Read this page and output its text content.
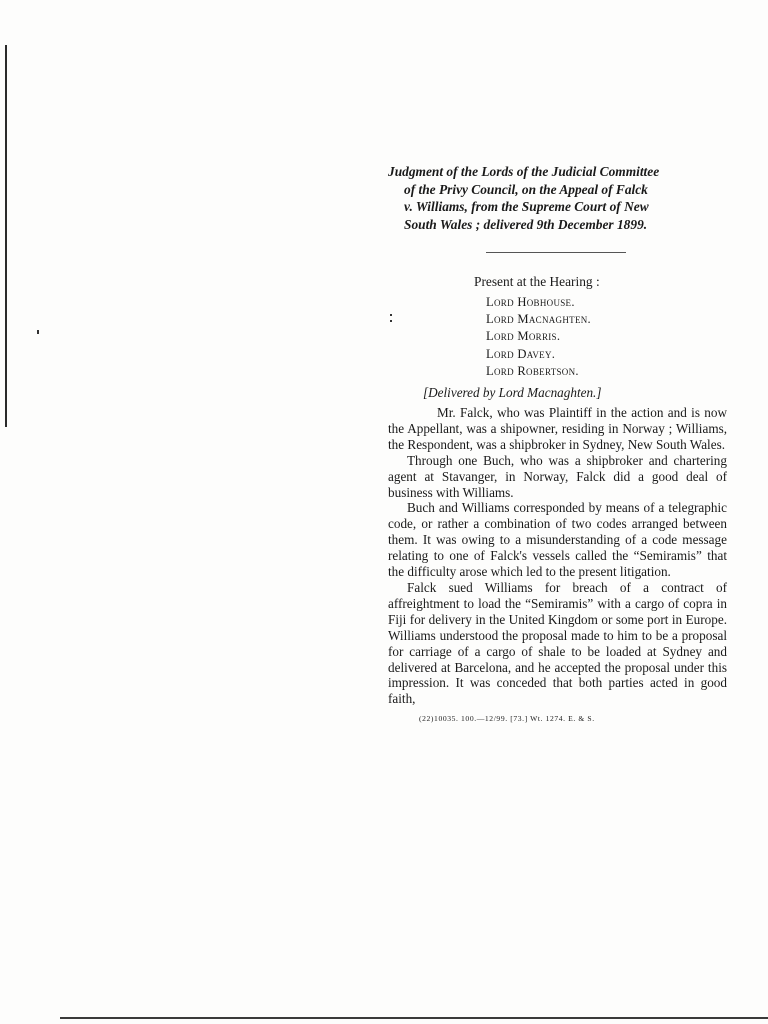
Judgment of the Lords of the Judicial Committee
of the Privy Council, on the Appeal of Falck
v. Williams, from the Supreme Court of New
South Wales ; delivered 9th December 1899.
Present at the Hearing :
Lord Hobhouse.
Lord Macnaghten.
Lord Morris.
Lord Davey.
Lord Robertson.
[Delivered by Lord Macnaghten.]

Mr. Falck, who was Plaintiff in the action and is now the Appellant, was a shipowner, residing in Norway ; Williams, the Respondent, was a shipbroker in Sydney, New South Wales.

Through one Buch, who was a shipbroker and chartering agent at Stavanger, in Norway, Falck did a good deal of business with Williams.

Buch and Williams corresponded by means of a telegraphic code, or rather a combination of two codes arranged between them. It was owing to a misunderstanding of a code message relating to one of Falck's vessels called the “Semiramis” that the difficulty arose which led to the present litigation.

Falck sued Williams for breach of a contract of affreightment to load the “Semiramis” with a cargo of copra in Fiji for delivery in the United Kingdom or some port in Europe. Williams understood the proposal made to him to be a proposal for carriage of a cargo of shale to be loaded at Sydney and delivered at Barcelona, and he accepted the proposal under this impression. It was conceded that both parties acted in good faith,

(22)10035. 100.—12/99. [73.] Wt. 1274. E. & S.
